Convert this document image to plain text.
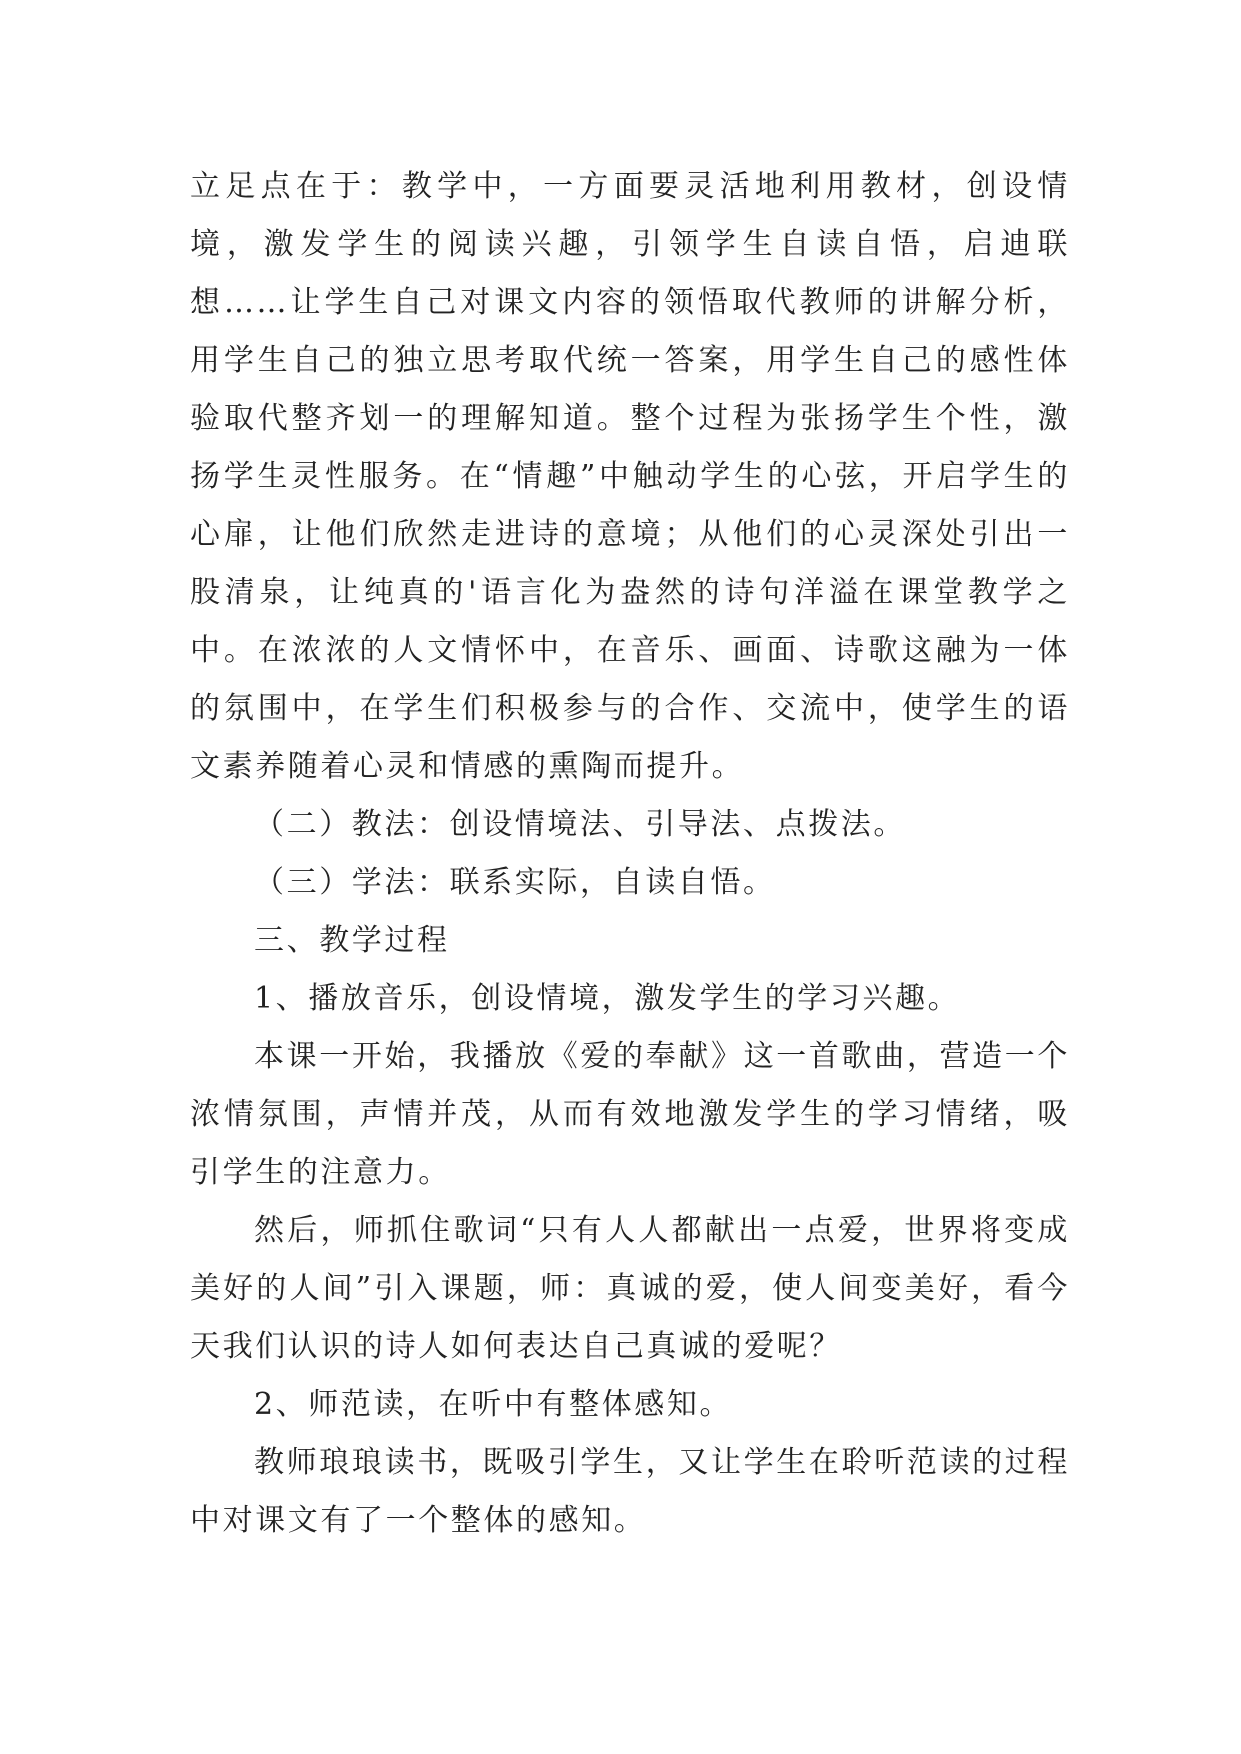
立足点在于：教学中，一方面要灵活地利用教材，创设情境，激发学生的阅读兴趣，引领学生自读自悟，启迪联想……让学生自己对课文内容的领悟取代教师的讲解分析，用学生自己的独立思考取代统一答案，用学生自己的感性体验取代整齐划一的理解知道。整个过程为张扬学生个性，激扬学生灵性服务。在“情趣”中触动学生的心弦，开启学生的心扉，让他们欣然走进诗的意境；从他们的心灵深处引出一股清泉，让纯真的'语言化为盎然的诗句洋溢在课堂教学之中。在浓浓的人文情怀中，在音乐、画面、诗歌这融为一体的氛围中，在学生们积极参与的合作、交流中，使学生的语文素养随着心灵和情感的熏陶而提升。

（二）教法：创设情境法、引导法、点拨法。

（三）学法：联系实际，自读自悟。

三、教学过程

1、播放音乐，创设情境，激发学生的学习兴趣。

本课一开始，我播放《爱的奉献》这一首歌曲，营造一个浓情氛围，声情并茂，从而有效地激发学生的学习情绪，吸引学生的注意力。

然后，师抓住歌词“只有人人都献出一点爱，世界将变成美好的人间”引入课题，师：真诚的爱，使人间变美好，看今天我们认识的诗人如何表达自己真诚的爱呢？

2、师范读，在听中有整体感知。

教师琅琅读书，既吸引学生，又让学生在聆听范读的过程中对课文有了一个整体的感知。
